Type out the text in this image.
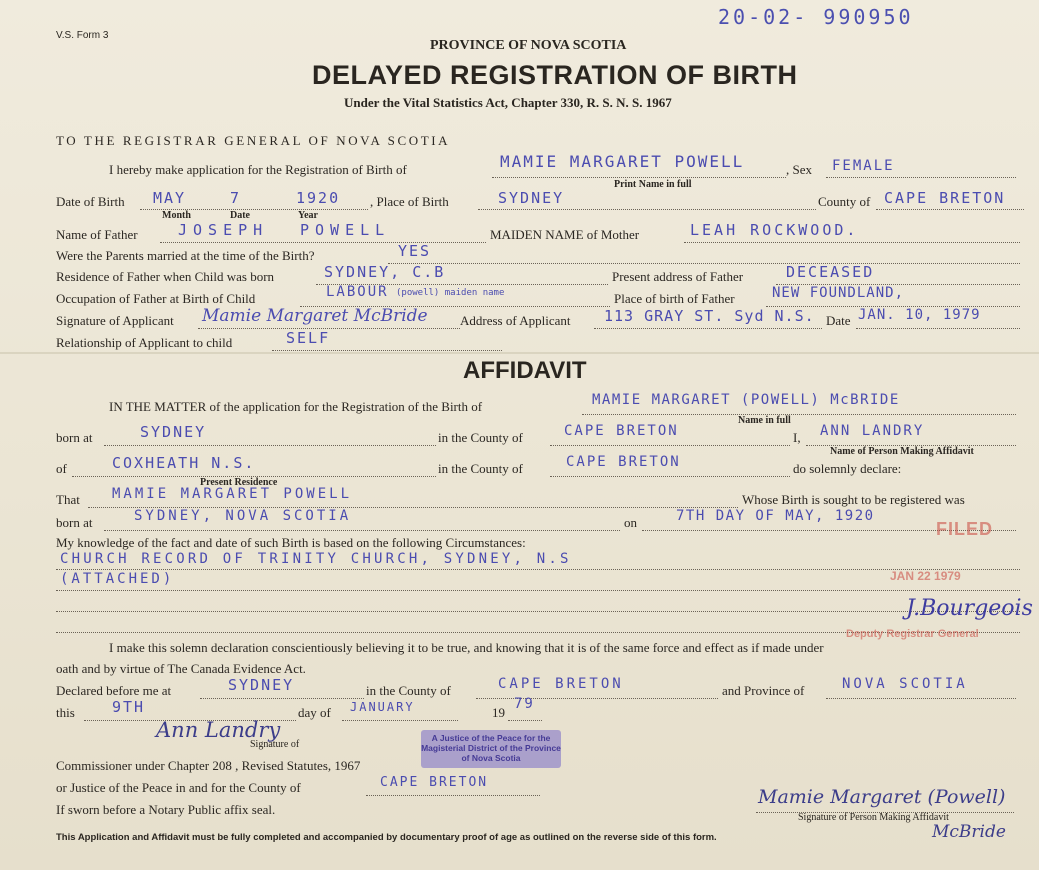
V.S. Form 3
20-02- 990950
PROVINCE OF NOVA SCOTIA
DELAYED REGISTRATION OF BIRTH
Under the Vital Statistics Act, Chapter 330, R. S. N. S. 1967
TO THE REGISTRAR GENERAL OF NOVA SCOTIA
I hereby make application for the Registration of Birth of	MAMIE MARGARET POWELL
Print Name in full
, Sex FEMALE
Date of Birth MAY	7	1920
Month	Date	Year
, Place of Birth	SYDNEY	County of CAPE BRETON
Name of Father	JOSEPH POWELL	MAIDEN NAME of Mother	LEAH ROCKWOOD.
Were the Parents married at the time of the Birth?	YES
Residence of Father when Child was born	SYDNEY, C.B	Present address of Father	DECEASED
Occupation of Father at Birth of Child	LABOUR (powell) maiden name	Place of birth of Father	NEW FOUNDLAND,
Signature of Applicant Mamie Margaret McBride Address of Applicant 113 GRAY ST. Syd N.S. Date JAN. 10, 1979
Relationship of Applicant to child	SELF
AFFIDAVIT
IN THE MATTER of the application for the Registration of the Birth of	MAMIE MARGARET (POWELL) McBRIDE
Name in full
born at	SYDNEY	in the County of	CAPE BRETON	I, ANN LANDRY
Name of Person Making Affidavit
of	COXHEATH N.S.
Present Residence
in the County of	CAPE BRETON	do solemnly declare:
That MAMIE MARGARET POWELL	Whose Birth is sought to be registered was
born at	SYDNEY, NOVA SCOTIA	on	7TH DAY OF MAY, 1920
My knowledge of the fact and date of such Birth is based on the following Circumstances:
CHURCH RECORD OF TRINITY CHURCH, SYDNEY, N.S
(ATTACHED)
FILED
JAN 22 1979
J.Bourgeois
Deputy Registrar General
I make this solemn declaration conscientiously believing it to be true, and knowing that it is of the same force and effect as if made under
oath and by virtue of The Canada Evidence Act.
Declared before me at	SYDNEY	in the County of	CAPE BRETON	and Province of	NOVA SCOTIA
this 9TH	day of JANUARY	19
79
Ann Landry
Signature of
A Justice of the Peace for the Magisterial District of the Province of Nova Scotia
Commissioner under Chapter 208 , Revised Statutes, 1967
or Justice of the Peace in and for the County of	CAPE BRETON
If sworn before a Notary Public affix seal.
Mamie Margaret (Powell)
Signature of Person Making Affidavit
McBride
This Application and Affidavit must be fully completed and accompanied by documentary proof of age as outlined on the reverse side of this form.
